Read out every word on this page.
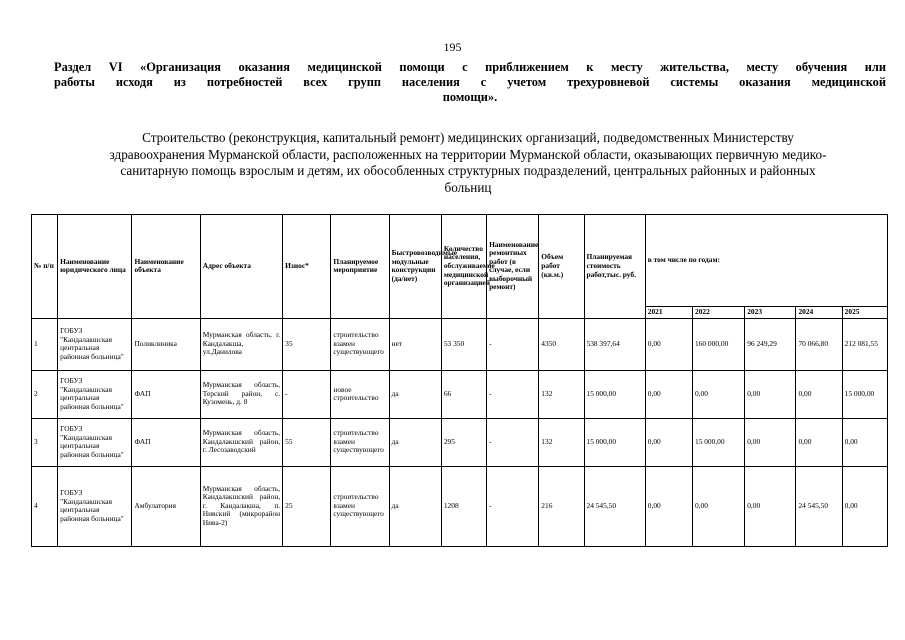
195
Раздел VI «Организация оказания медицинской помощи с приближением к месту жительства, месту обучения или
работы исходя из потребностей всех групп населения с учетом трехуровневой системы оказания медицинской
помощи».
Строительство (реконструкция, капитальный ремонт) медицинских организаций, подведомственных Министерству
здравоохранения Мурманской области, расположенных на территории Мурманской области, оказывающих первичную медико-
санитарную помощь взрослым и детям, их обособленных структурных подразделений, центральных районных и районных
больниц
№ п/п	Наименование юридического лица	Наименование объекта	Адрес объекта	Износ*	Планируемое мероприятие	Быстровозводимые модульные конструкции (да/нет)	Количество населения, обслуживаемое медицинской организацией	Наименование ремонтных работ (в случае, если выборочный ремонт)	Объем работ (кв.м.)	Планируемая стоимость работ,тыс. руб.	в том числе по годам:				
											2021	2022	2023	2024	2025
1	ГОБУЗ "Кандалакшская центральная районная больница"	Поликлиника	Мурманская область, г. Кандалакша, ул.Данилова	35	строительство взамен существующего	нет	53 350	-	4350	538 397,64	0,00	160 000,00	96 249,29	70 066,80	212 081,55
2	ГОБУЗ "Кандалакшская центральная районная больница"	ФАП	Мурманская область, Терский район, с. Кузомень, д. 8	-	новое строительство	да	66	-	132	15 000,00	0,00	0,00	0,00	0,00	15 000,00
3	ГОБУЗ "Кандалакшская центральная районная больница"	ФАП	Мурманская область, Кандалакшский район, г. Лесозаводский	55	строительство взамен существующего	да	295	-	132	15 000,00	0,00	15 000,00	0,00	0,00	0,00
4	ГОБУЗ "Кандалакшская центральная районная больница"	Амбулатория	Мурманская область, Кандалакшский район, г. Кандалакша, п. Нивский (микрорайон Нива-2)	25	строительство взамен существующего	да	1208	-	216	24 545,50	0,00	0,00	0,00	24 545,50	0,00
